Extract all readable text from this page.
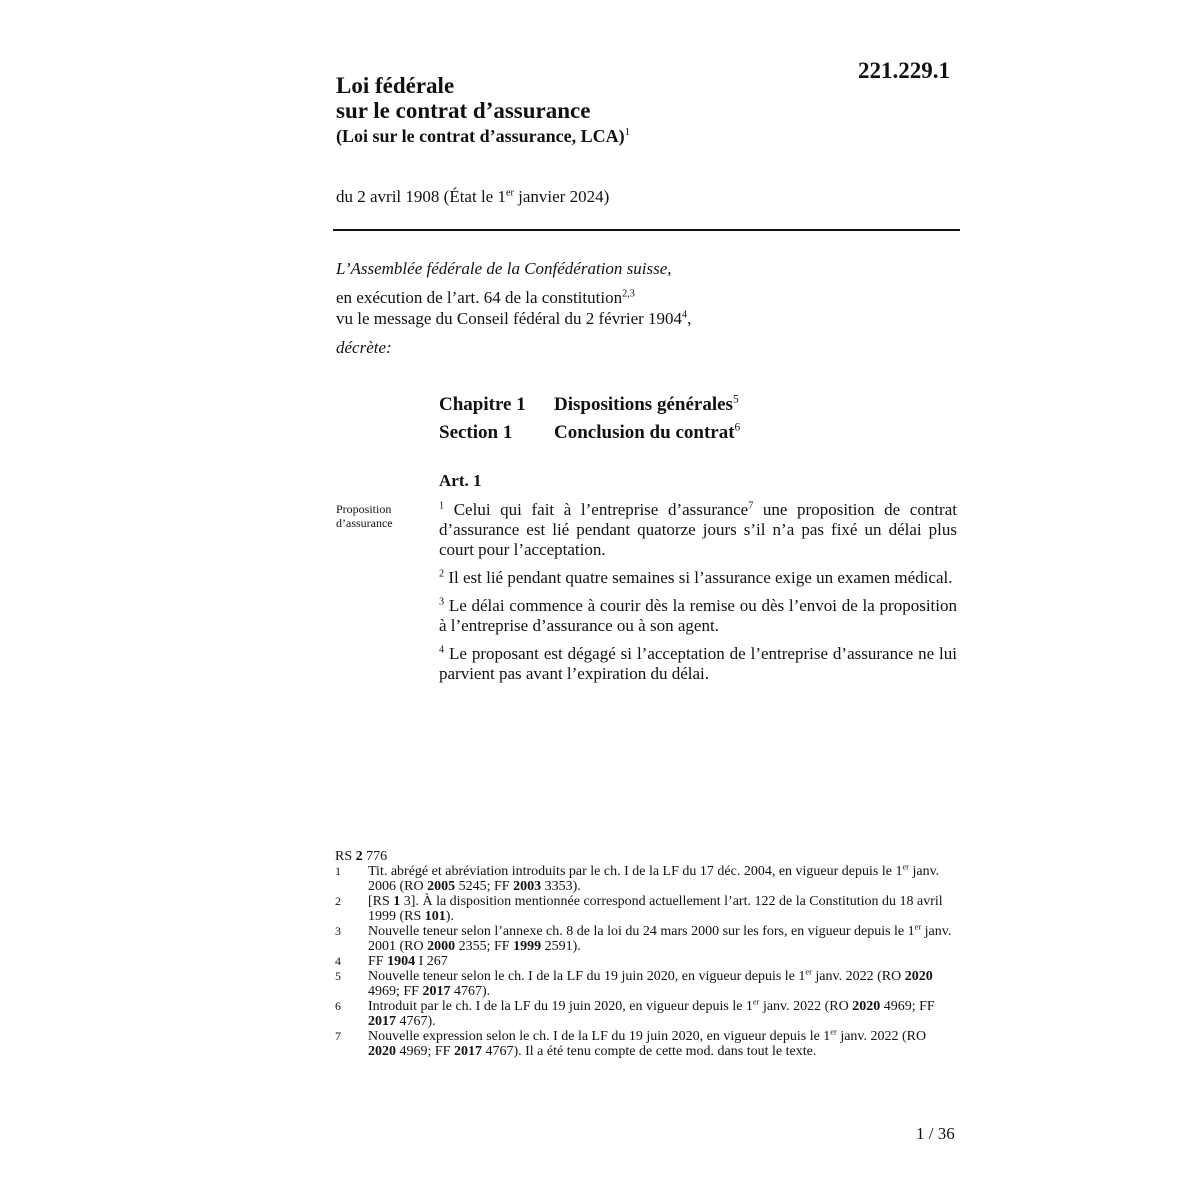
221.229.1
Loi fédérale
sur le contrat d’assurance
(Loi sur le contrat d’assurance, LCA)$^1$
du 2 avril 1908 (État le 1er janvier 2024)
L’Assemblée fédérale de la Confédération suisse,
en exécution de l’art. 64 de la constitution$^{2,3}$
vu le message du Conseil fédéral du 2 février 1904$^4$,
décrète:
Chapitre 1 Dispositions générales$^5$
Section 1 Conclusion du contrat$^6$
Art. 1
Proposition
d’assurance

$^1$ Celui qui fait à l’entreprise d’assurance$^7$ une proposition de contrat d’assurance est lié pendant quatorze jours s’il n’a pas fixé un délai plus court pour l’acceptation.

$^2$ Il est lié pendant quatre semaines si l’assurance exige un examen médical.

$^3$ Le délai commence à courir dès la remise ou dès l’envoi de la proposition à l’entreprise d’assurance ou à son agent.

$^4$ Le proposant est dégagé si l’acceptation de l’entreprise d’assurance ne lui parvient pas avant l’expiration du délai.

RS 2 776
1 Tit. abrégé et abréviation introduits par le ch. I de la LF du 17 déc. 2004, en vigueur depuis le 1er janv. 2006 (RO 2005 5245; FF 2003 3353).
2 [RS 1 3]. À la disposition mentionnée correspond actuellement l’art. 122 de la Constitution du 18 avril 1999 (RS 101).
3 Nouvelle teneur selon l’annexe ch. 8 de la loi du 24 mars 2000 sur les fors, en vigueur depuis le 1er janv. 2001 (RO 2000 2355; FF 1999 2591).
4 FF 1904 I 267
5 Nouvelle teneur selon le ch. I de la LF du 19 juin 2020, en vigueur depuis le 1er janv. 2022 (RO 2020 4969; FF 2017 4767).
6 Introduit par le ch. I de la LF du 19 juin 2020, en vigueur depuis le 1er janv. 2022 (RO 2020 4969; FF 2017 4767).
7 Nouvelle expression selon le ch. I de la LF du 19 juin 2020, en vigueur depuis le 1er janv. 2022 (RO 2020 4969; FF 2017 4767). Il a été tenu compte de cette mod. dans tout le texte.
1 / 36
